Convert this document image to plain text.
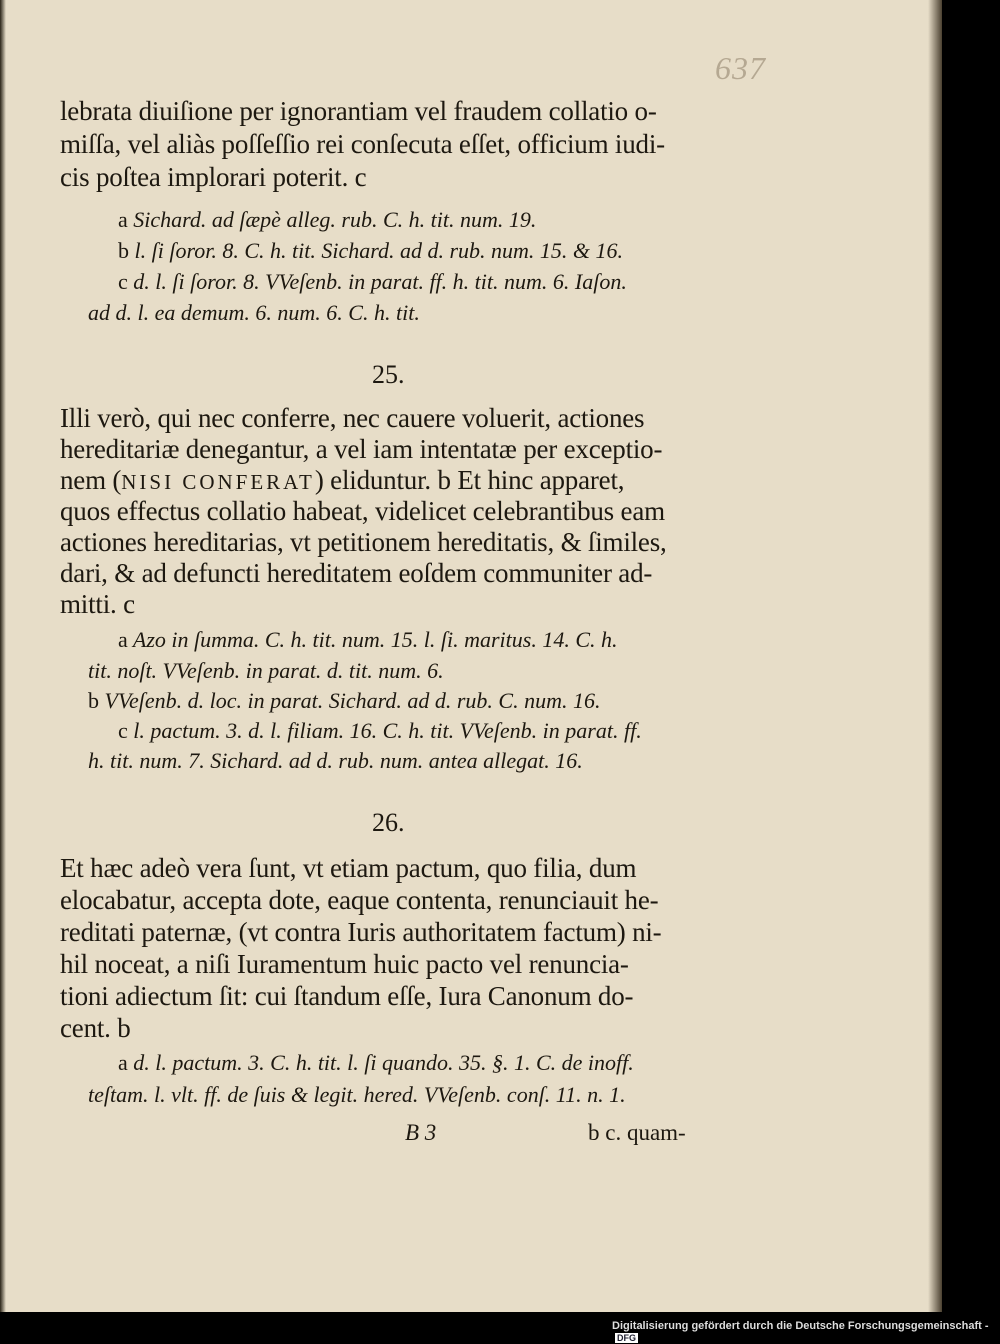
637
lebrata diuiſione per ignorantiam vel fraudem collatio o-
miſſa, vel aliàs poſſeſſio rei conſecuta eſſet, officium iudi-
cis poſtea implorari poterit. c
a Sichard. ad ſæpè alleg. rub. C. h. tit. num. 19.
b l. ſi ſoror. 8. C. h. tit. Sichard. ad d. rub. num. 15. & 16.
c d. l. ſi ſoror. 8. VVeſenb. in parat. ff. h. tit. num. 6. Iaſon.
ad d. l. ea demum. 6. num. 6. C. h. tit.
25.
Illi verò, qui nec conferre, nec cauere voluerit, actiones
hereditariæ denegantur, a vel iam intentatæ per exceptio-
nem (NISI CONFERAT) eliduntur. b Et hinc apparet,
quos effectus collatio habeat, videlicet celebrantibus eam
actiones hereditarias, vt petitionem hereditatis, & ſimiles,
dari, & ad defuncti hereditatem eoſdem communiter ad-
mitti. c
a Azo in ſumma. C. h. tit. num. 15. l. ſi. maritus. 14. C. h.
tit. noſt. VVeſenb. in parat. d. tit. num. 6.
b VVeſenb. d. loc. in parat. Sichard. ad d. rub. C. num. 16.
c l. pactum. 3. d. l. filiam. 16. C. h. tit. VVeſenb. in parat. ff.
h. tit. num. 7. Sichard. ad d. rub. num. antea allegat. 16.
26.
Et hæc adeò vera ſunt, vt etiam pactum, quo filia, dum
elocabatur, accepta dote, eaque contenta, renunciauit he-
reditati paternæ, (vt contra Iuris authoritatem factum) ni-
hil noceat, a niſi Iuramentum huic pacto vel renuncia-
tioni adiectum ſit: cui ſtandum eſſe, Iura Canonum do-
cent. b
a d. l. pactum. 3. C. h. tit. l. ſi quando. 35. §. 1. C. de inoff.
teſtam. l. vlt. ff. de ſuis & legit. hered. VVeſenb. conſ. 11. n. 1.
B 3	b c. quam-
Digitalisierung gefördert durch die Deutsche Forschungsgemeinschaft -DFG
